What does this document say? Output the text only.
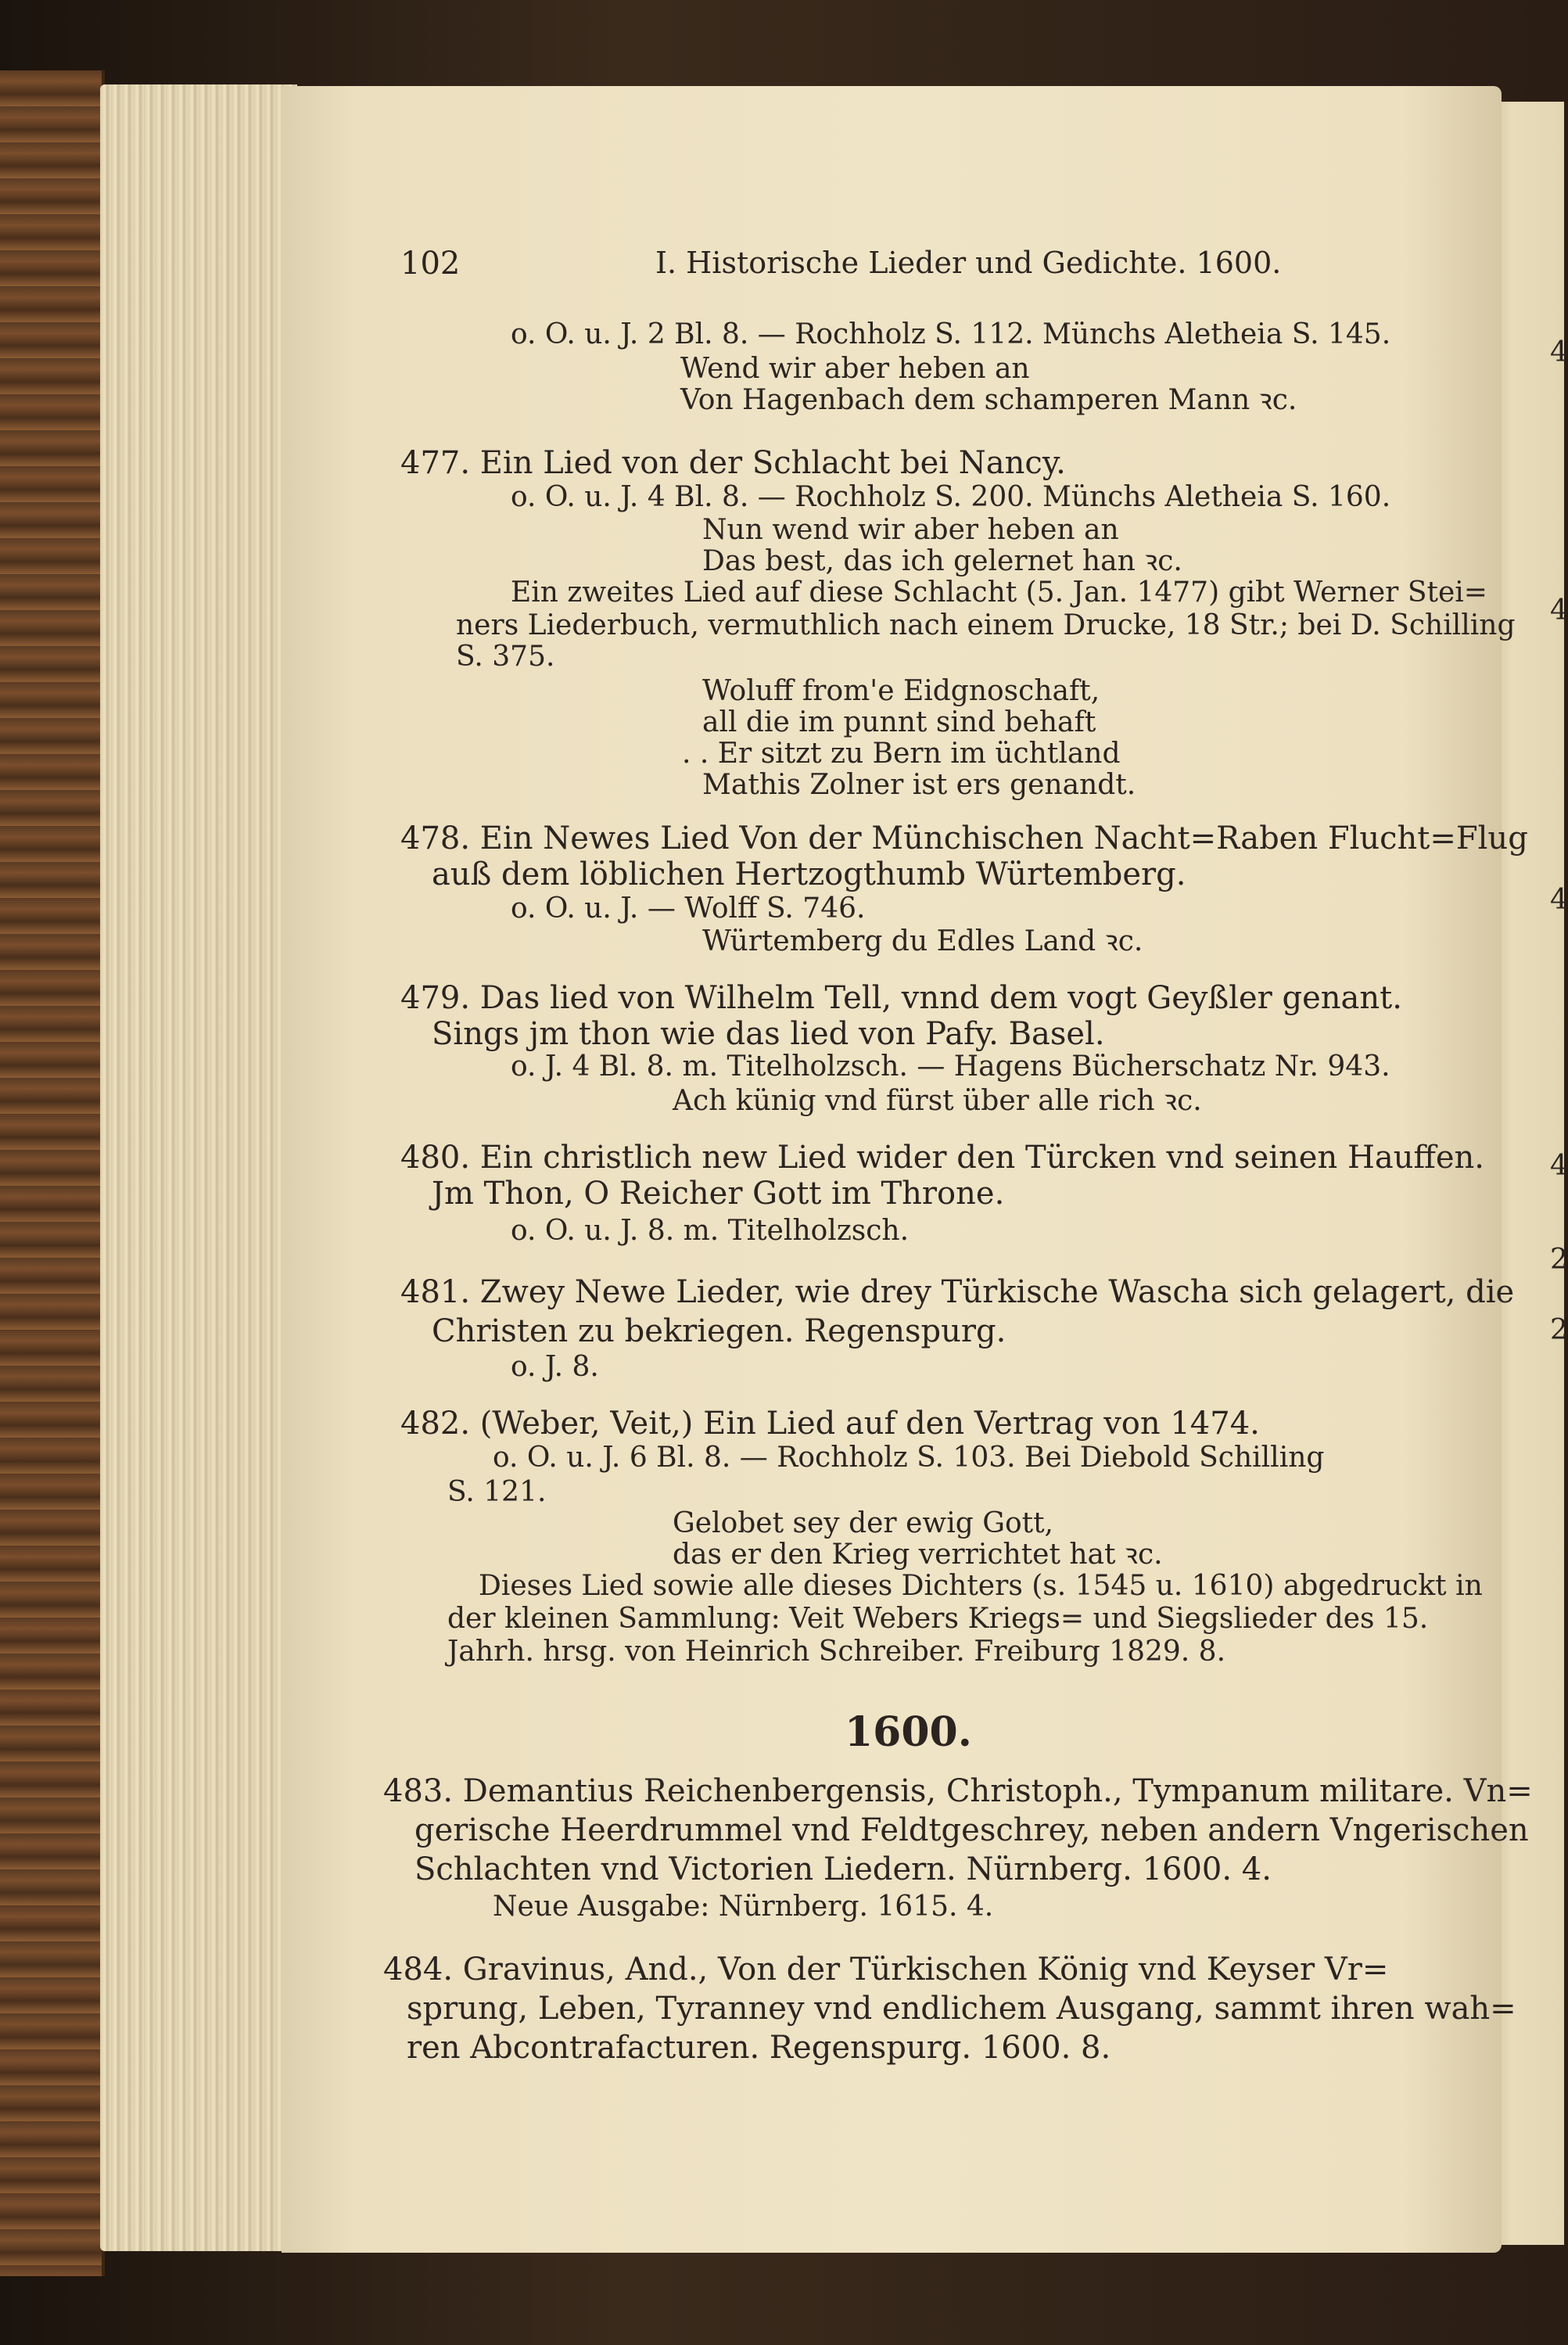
4
4
4
4
2
2
102	I. Historische Lieder und Gedichte. 1600.
1600.
o. O. u. J. 2 Bl. 8. — Rochholz S. 112. Münchs Aletheia S. 145.
Wend wir aber heben an
Von Hagenbach dem schamperen Mann ꝛc.
477. Ein Lied von der Schlacht bei Nancy.
o. O. u. J. 4 Bl. 8. — Rochholz S. 200. Münchs Aletheia S. 160.
Nun wend wir aber heben an
Das best, das ich gelernet han ꝛc.
Ein zweites Lied auf diese Schlacht (5. Jan. 1477) gibt Werner Stei=
ners Liederbuch, vermuthlich nach einem Drucke, 18 Str.; bei D. Schilling
S. 375.
Woluff from'e Eidgnoschaft,
all die im punnt sind behaft
. . Er sitzt zu Bern im üchtland
Mathis Zolner ist ers genandt.
478. Ein Newes Lied Von der Münchischen Nacht=Raben Flucht=Flug
auß dem löblichen Hertzogthumb Würtemberg.
o. O. u. J. — Wolff S. 746.
Würtemberg du Edles Land ꝛc.
479. Das lied von Wilhelm Tell, vnnd dem vogt Geyßler genant.
Sings jm thon wie das lied von Pafy. Basel.
o. J. 4 Bl. 8. m. Titelholzsch. — Hagens Bücherschatz Nr. 943.
Ach künig vnd fürst über alle rich ꝛc.
480. Ein christlich new Lied wider den Türcken vnd seinen Hauffen.
Jm Thon, O Reicher Gott im Throne.
o. O. u. J. 8. m. Titelholzsch.
481. Zwey Newe Lieder, wie drey Türkische Wascha sich gelagert, die
Christen zu bekriegen. Regenspurg.
o. J. 8.
482. (Weber, Veit,) Ein Lied auf den Vertrag von 1474.
o. O. u. J. 6 Bl. 8. — Rochholz S. 103. Bei Diebold Schilling
S. 121.
Gelobet sey der ewig Gott,
das er den Krieg verrichtet hat ꝛc.
Dieses Lied sowie alle dieses Dichters (s. 1545 u. 1610) abgedruckt in
der kleinen Sammlung: Veit Webers Kriegs= und Siegslieder des 15.
Jahrh. hrsg. von Heinrich Schreiber. Freiburg 1829. 8.
483. Demantius Reichenbergensis, Christoph., Tympanum militare. Vn=
gerische Heerdrummel vnd Feldtgeschrey, neben andern Vngerischen
Schlachten vnd Victorien Liedern. Nürnberg. 1600. 4.
Neue Ausgabe: Nürnberg. 1615. 4.
484. Gravinus, And., Von der Türkischen König vnd Keyser Vr=
sprung, Leben, Tyranney vnd endlichem Ausgang, sammt ihren wah=
ren Abcontrafacturen. Regenspurg. 1600. 8.
